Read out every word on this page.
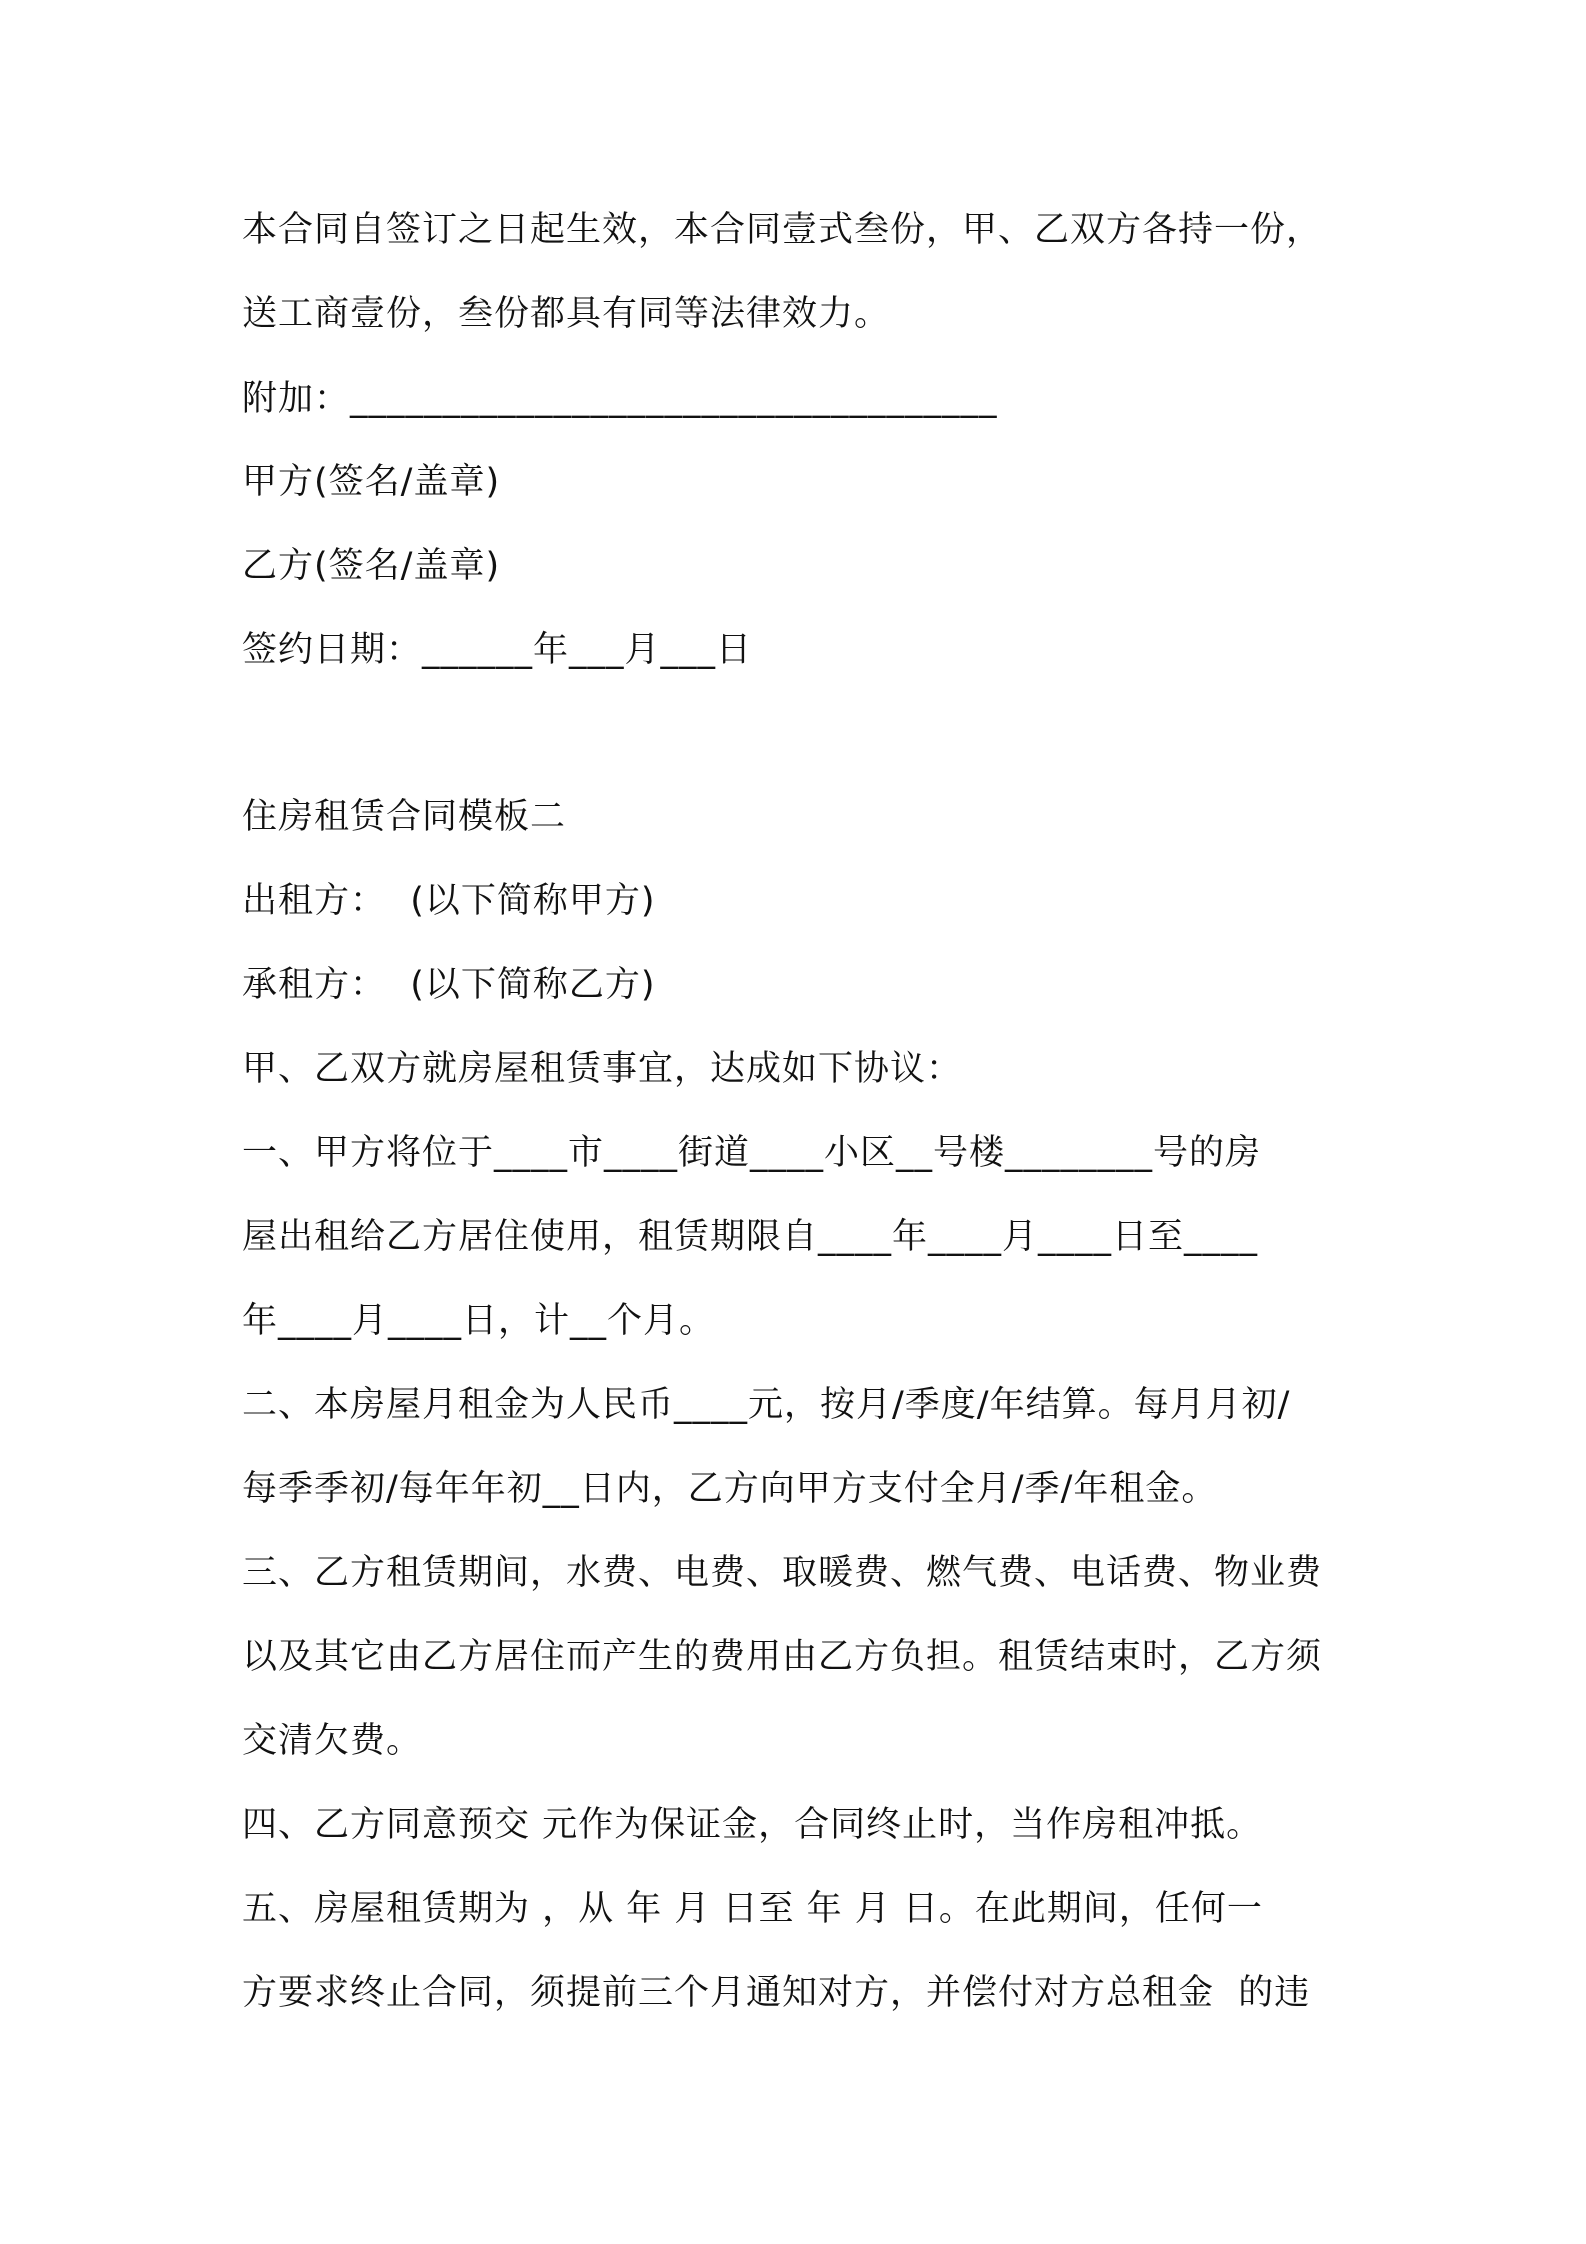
本合同自签订之日起生效，本合同壹式叁份，甲、乙双方各持一份，
送工商壹份，叁份都具有同等法律效力。
附加：___________________________________
甲方(签名/盖章)
乙方(签名/盖章)
签约日期：______年___月___日
住房租赁合同模板二
出租方：  (以下简称甲方)
承租方：  (以下简称乙方)
甲、乙双方就房屋租赁事宜，达成如下协议：
一、甲方将位于____市____街道____小区__号楼________号的房
屋出租给乙方居住使用，租赁期限自____年____月____日至____
年____月____日，计__个月。
二、本房屋月租金为人民币____元，按月/季度/年结算。每月月初/
每季季初/每年年初__日内，乙方向甲方支付全月/季/年租金。
三、乙方租赁期间，水费、电费、取暖费、燃气费、电话费、物业费
以及其它由乙方居住而产生的费用由乙方负担。租赁结束时，乙方须
交清欠费。
四、乙方同意预交 元作为保证金，合同终止时，当作房租冲抵。
五、房屋租赁期为 ，从 年 月 日至 年 月 日。在此期间，任何一
方要求终止合同，须提前三个月通知对方，并偿付对方总租金  的违
